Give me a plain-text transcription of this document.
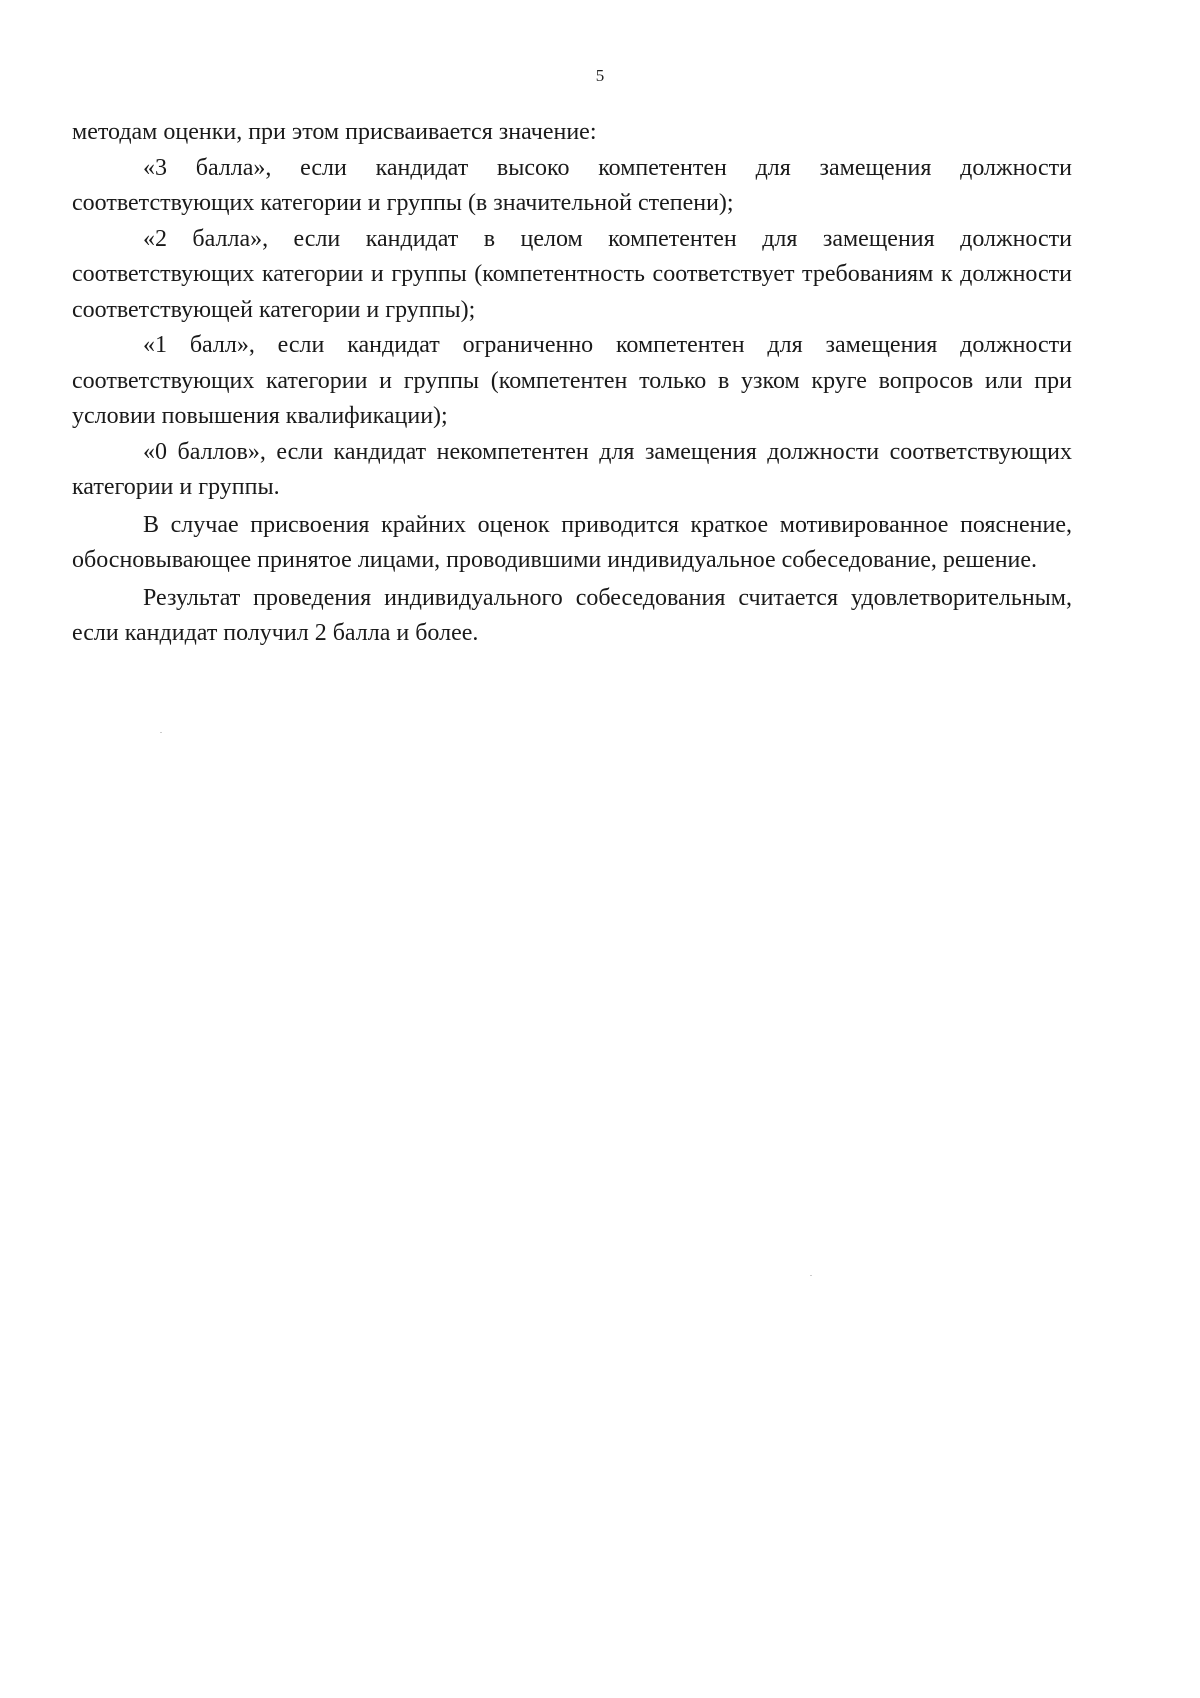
5

методам оценки, при этом присваивается значение:

«3 балла», если кандидат высоко компетентен для замещения должности соответствующих категории и группы (в значительной степени);

«2 балла», если кандидат в целом компетентен для замещения должности соответствующих категории и группы (компетентность соответствует требованиям к должности соответствующей категории и группы);

«1 балл», если кандидат ограниченно компетентен для замещения должности соответствующих категории и группы (компетентен только в узком круге вопросов или при условии повышения квалификации);

«0 баллов», если кандидат некомпетентен для замещения должности соответствующих категории и группы.

В случае присвоения крайних оценок приводится краткое мотивированное пояснение, обосновывающее принятое лицами, проводившими индивидуальное собеседование, решение.

Результат проведения индивидуального собеседования считается удовлетворительным, если кандидат получил 2 балла и более.
